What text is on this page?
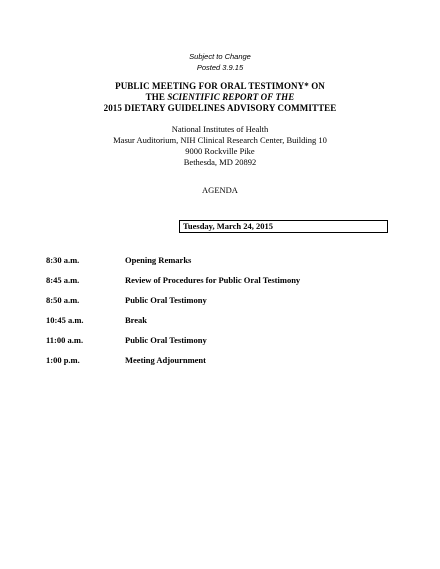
Subject to Change
Posted 3.9.15
PUBLIC MEETING FOR ORAL TESTIMONY* ON
THE SCIENTIFIC REPORT OF THE
2015 DIETARY GUIDELINES ADVISORY COMMITTEE
National Institutes of Health
Masur Auditorium, NIH Clinical Research Center, Building 10
9000 Rockville Pike
Bethesda, MD 20892
AGENDA
Tuesday, March 24, 2015
8:30 a.m.	Opening Remarks
8:45 a.m.	Review of Procedures for Public Oral Testimony
8:50 a.m.	Public Oral Testimony
10:45 a.m.	Break
11:00 a.m.	Public Oral Testimony
1:00 p.m.	Meeting Adjournment
